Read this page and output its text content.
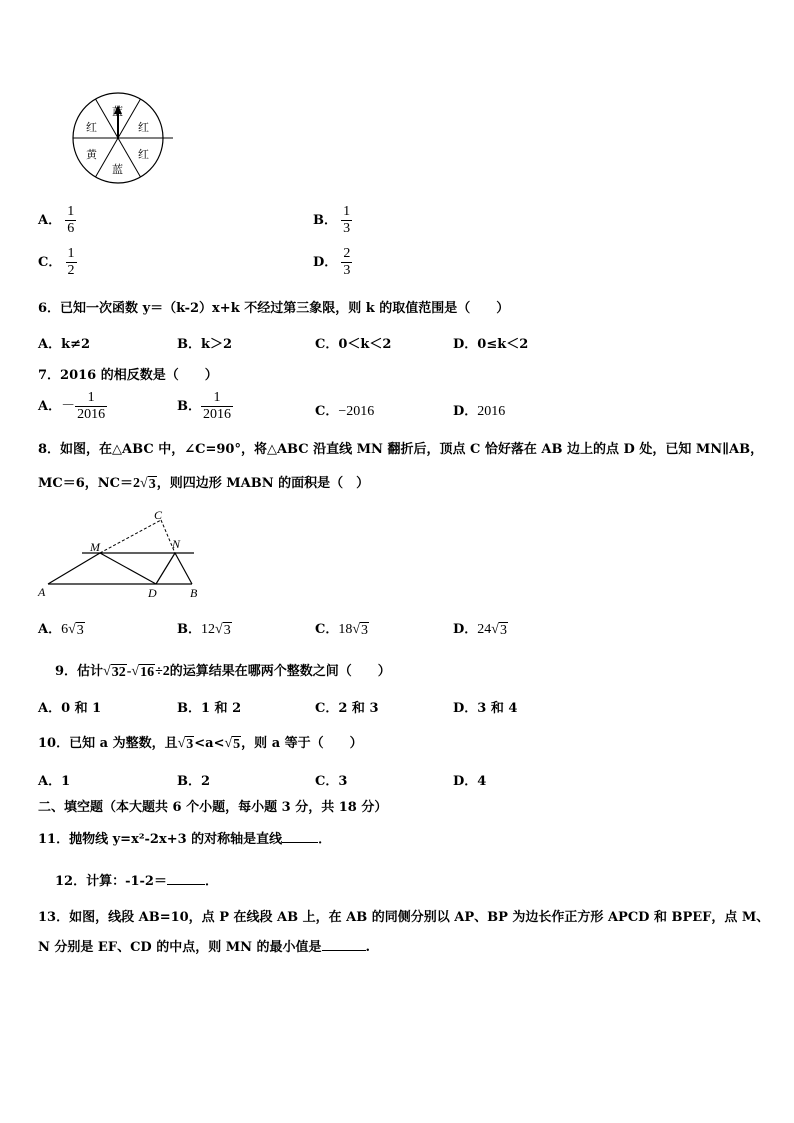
蓝
红
红
蓝
黄	红
A． $\frac{1}{6}$	B． $\frac{1}{3}$
C． $\frac{1}{2}$	D． $\frac{2}{3}$
6．已知一次函数 y＝（k-2）x+k 不经过第三象限，则 k 的取值范围是（　　）
A．k≠2	B．k＞2	C．0＜k＜2	D．0≤k＜2
7．2016 的相反数是（　　）
A．－ $\frac{1}{2016}$	B． $\frac{1}{2016}$	C．−2016	D．2016
8．如图，在△ABC 中，∠C=90°，将△ABC 沿直线 MN 翻折后，顶点 C 恰好落在 AB 边上的点 D 处，已知 MN∥AB，
MC＝6，NC＝2 √ 3 ，则四边形 MABN 的面积是（　）
C
M	N
A	D	B
A．6 √ 3	B．12 √ 3	C．18 √ 3	D．24 √ 3
9．估计 √ 32 - √ 16 ÷2的运算结果在哪两个整数之间（　　）
A．0 和 1	B．1 和 2	C．2 和 3	D．3 和 4
10．已知 a 为整数，且 √ 3 <a< √ 5 ，则 a 等于（　　）
A．1	B．2	C．3	D．4
二、填空题（本大题共 6 个小题，每小题 3 分，共 18 分）
11．抛物线 y=x²-2x+3 的对称轴是直线	．
12．计算：-1-2＝	．
13．如图，线段 AB=10，点 P 在线段 AB 上，在 AB 的同侧分别以 AP、BP 为边长作正方形 APCD 和 BPEF，点 M、
N 分别是 EF、CD 的中点，则 MN 的最小值是	.
